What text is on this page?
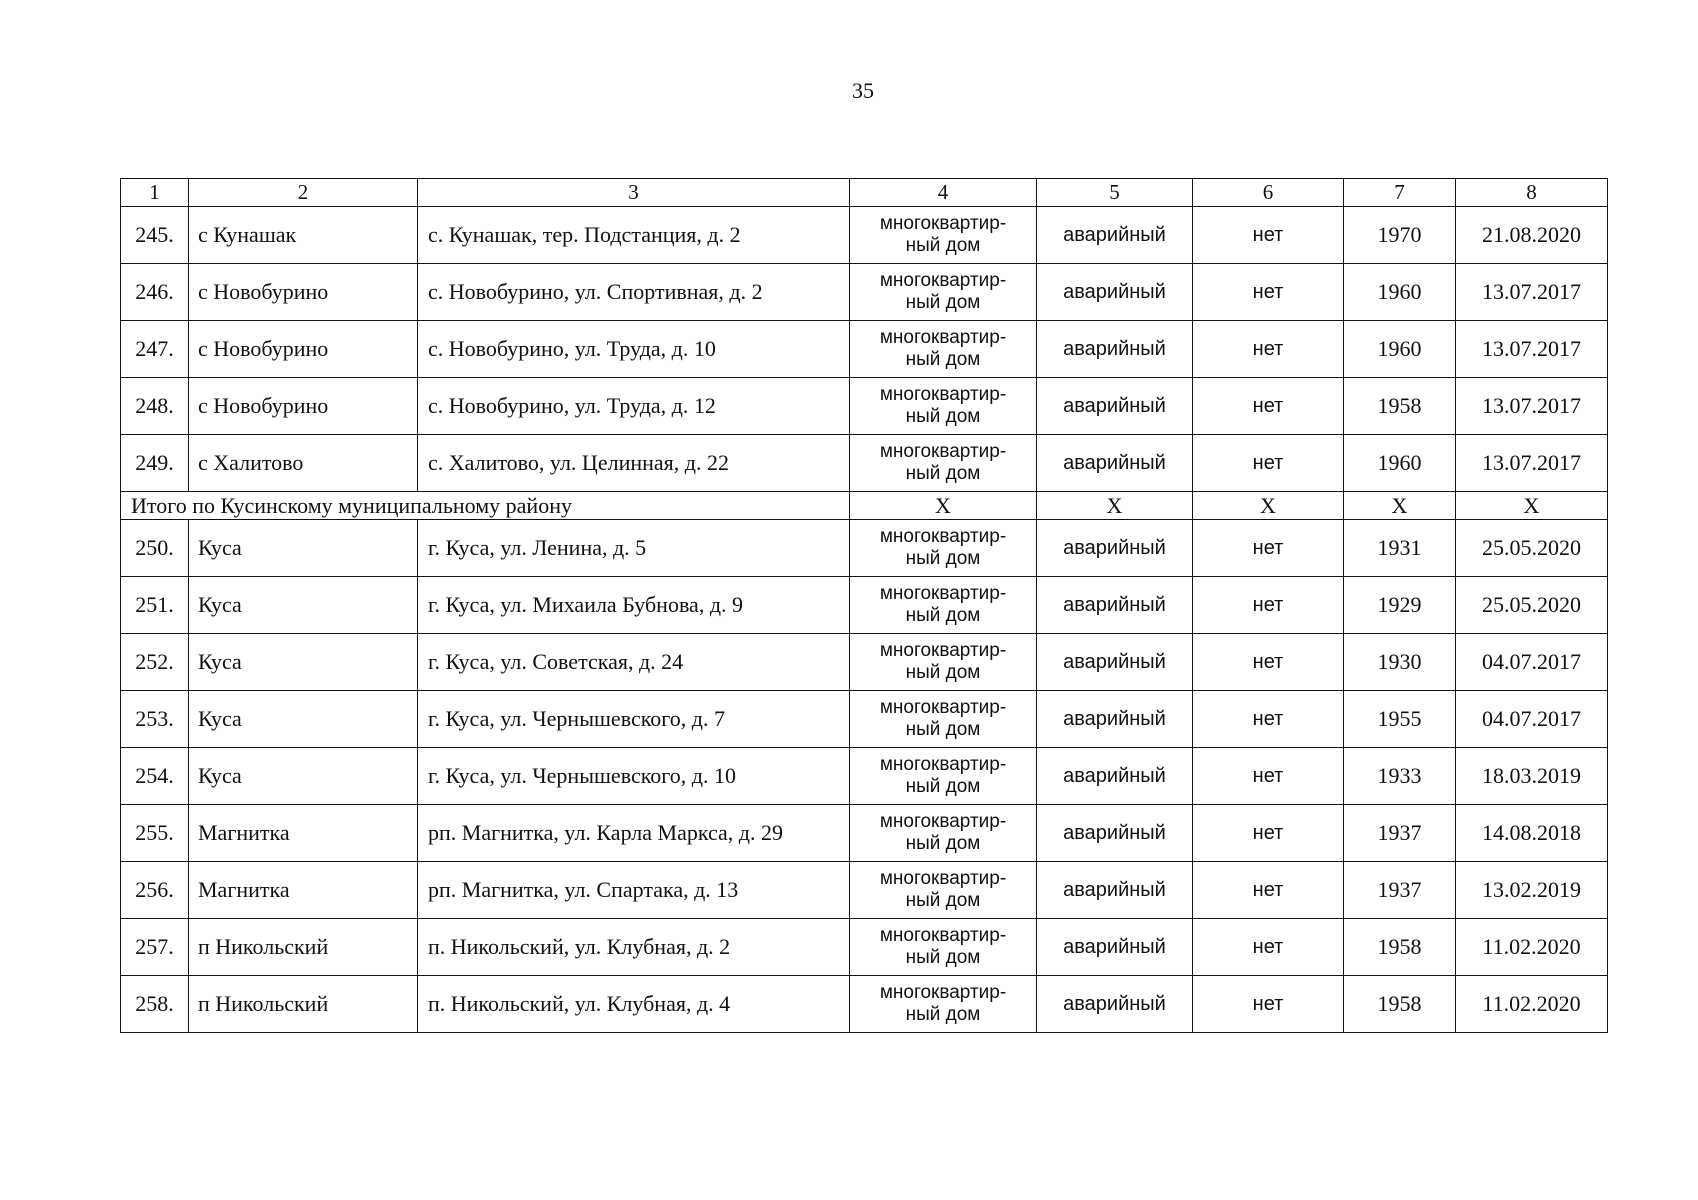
35
1	2	3	4	5	6	7	8
245.	с Кунашак	с. Кунашак, тер. Подстанция, д. 2	многоквартир-
ный дом	аварийный	нет	1970	21.08.2020
246.	с Новобурино	с. Новобурино, ул. Спортивная, д. 2	многоквартир-
ный дом	аварийный	нет	1960	13.07.2017
247.	с Новобурино	с. Новобурино, ул. Труда, д. 10	многоквартир-
ный дом	аварийный	нет	1960	13.07.2017
248.	с Новобурино	с. Новобурино, ул. Труда, д. 12	многоквартир-
ный дом	аварийный	нет	1958	13.07.2017
249.	с Халитово	с. Халитово, ул. Целинная, д. 22	многоквартир-
ный дом	аварийный	нет	1960	13.07.2017
Итого по Кусинскому муниципальному району			X	X	X	X	X
250.	Куса	г. Куса, ул. Ленина, д. 5	многоквартир-
ный дом	аварийный	нет	1931	25.05.2020
251.	Куса	г. Куса, ул. Михаила Бубнова, д. 9	многоквартир-
ный дом	аварийный	нет	1929	25.05.2020
252.	Куса	г. Куса, ул. Советская, д. 24	многоквартир-
ный дом	аварийный	нет	1930	04.07.2017
253.	Куса	г. Куса, ул. Чернышевского, д. 7	многоквартир-
ный дом	аварийный	нет	1955	04.07.2017
254.	Куса	г. Куса, ул. Чернышевского, д. 10	многоквартир-
ный дом	аварийный	нет	1933	18.03.2019
255.	Магнитка	рп. Магнитка, ул. Карла Маркса, д. 29	многоквартир-
ный дом	аварийный	нет	1937	14.08.2018
256.	Магнитка	рп. Магнитка, ул. Спартака, д. 13	многоквартир-
ный дом	аварийный	нет	1937	13.02.2019
257.	п Никольский	п. Никольский, ул. Клубная, д. 2	многоквартир-
ный дом	аварийный	нет	1958	11.02.2020
258.	п Никольский	п. Никольский, ул. Клубная, д. 4	многоквартир-
ный дом	аварийный	нет	1958	11.02.2020
